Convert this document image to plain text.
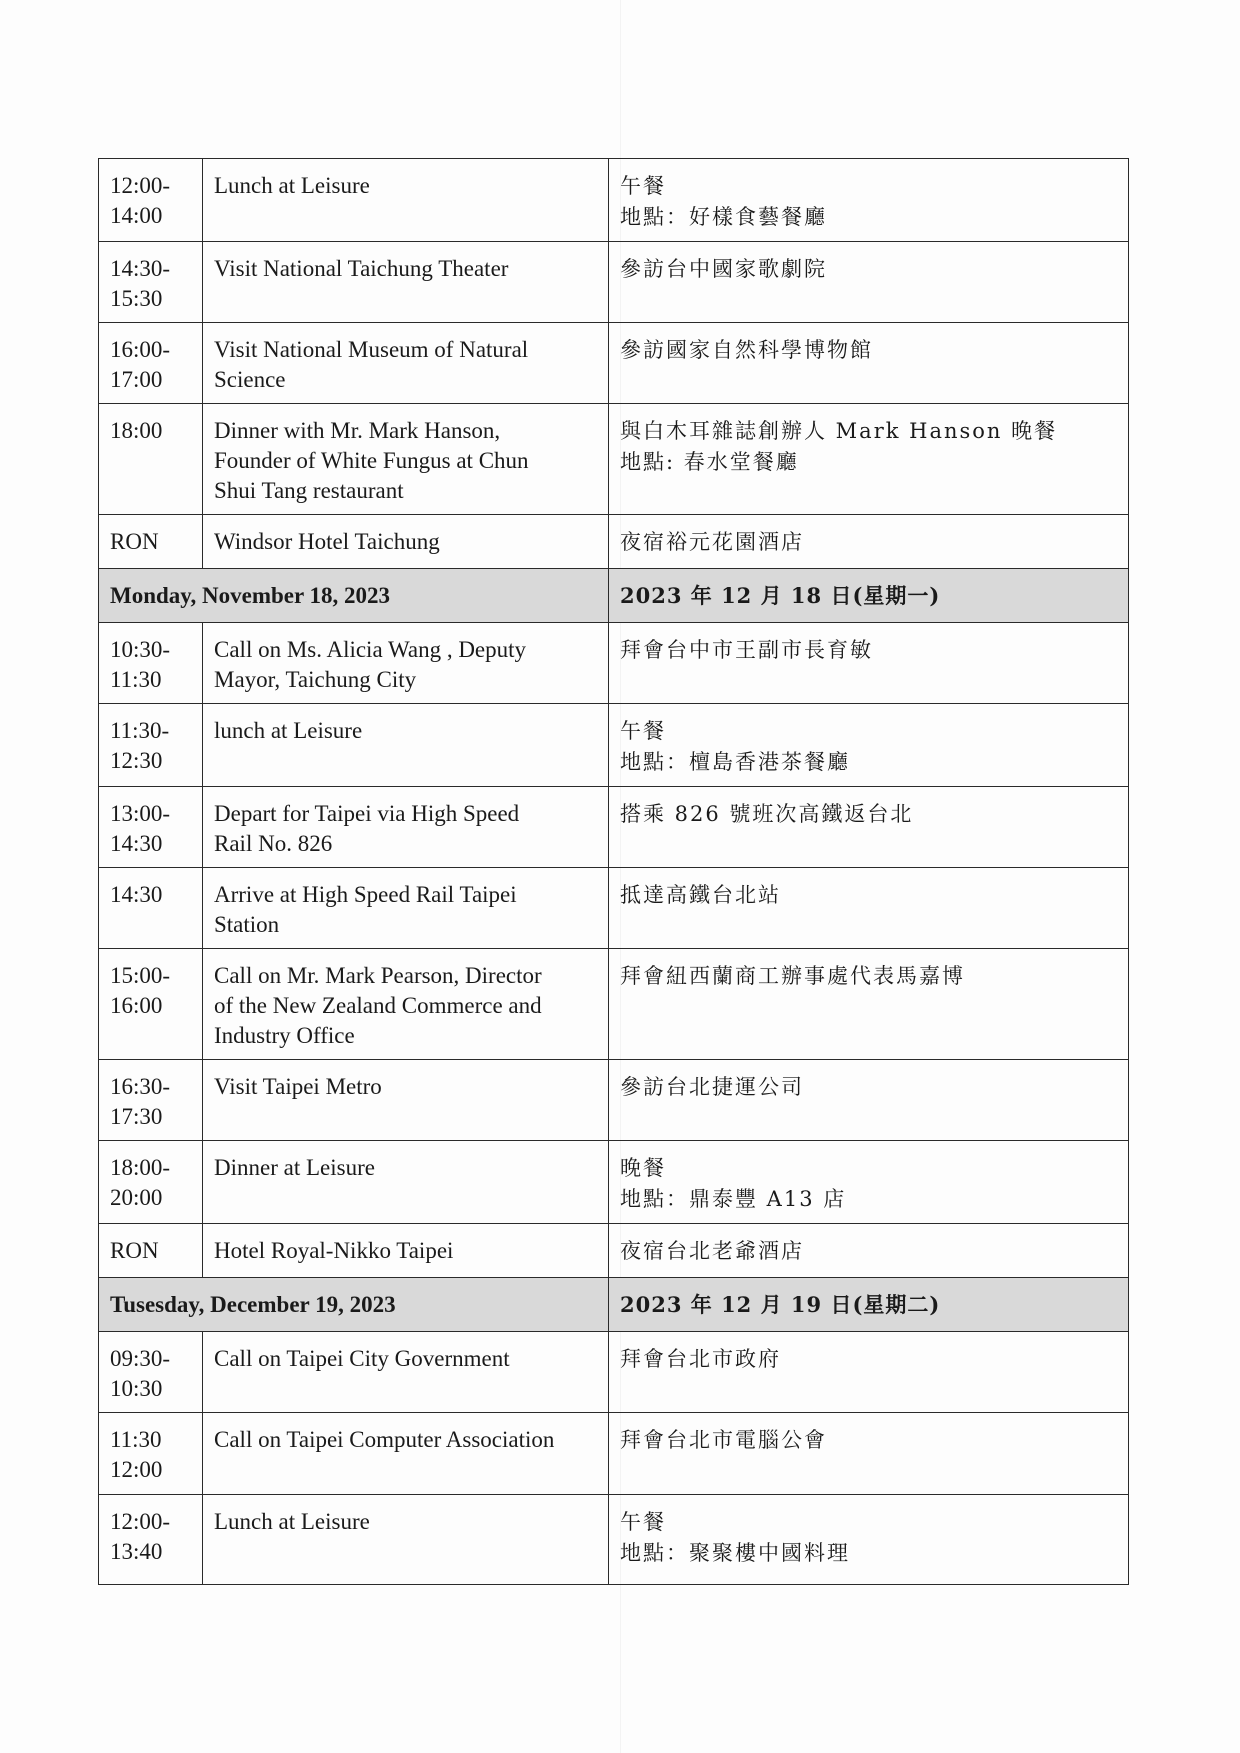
12:00-
14:00	Lunch at Leisure	午餐
地點：好樣食藝餐廳

14:30-
15:30	Visit National Taichung Theater	參訪台中國家歌劇院

16:00-
17:00	Visit National Museum of Natural
Science	參訪國家自然科學博物館

18:00	Dinner with Mr. Mark Hanson,
Founder of White Fungus at Chun
Shui Tang restaurant	與白木耳雜誌創辦人 Mark Hanson 晚餐
地點: 春水堂餐廳

RON	Windsor Hotel Taichung	夜宿裕元花園酒店

Monday, November 18, 2023		2023 年 12 月 18 日(星期一)

10:30-
11:30	Call on Ms. Alicia Wang , Deputy
Mayor, Taichung City	拜會台中市王副市長育敏

11:30-
12:30	lunch at Leisure	午餐
地點：檀島香港茶餐廳

13:00-
14:30	Depart for Taipei via High Speed
Rail No. 826	搭乘 826 號班次高鐵返台北

14:30	Arrive at High Speed Rail Taipei
Station	抵達高鐵台北站

15:00-
16:00	Call on Mr. Mark Pearson, Director
of the New Zealand Commerce and
Industry Office	拜會紐西蘭商工辦事處代表馬嘉博

16:30-
17:30	Visit Taipei Metro	參訪台北捷運公司

18:00-
20:00	Dinner at Leisure	晚餐
地點：鼎泰豐 A13 店

RON	Hotel Royal-Nikko Taipei	夜宿台北老爺酒店

Tusesday, December 19, 2023		2023 年 12 月 19 日(星期二)

09:30-
10:30	Call on Taipei City Government	拜會台北市政府

11:30
12:00	Call on Taipei Computer Association	拜會台北市電腦公會

12:00-
13:40	Lunch at Leisure	午餐
地點：聚聚樓中國料理
